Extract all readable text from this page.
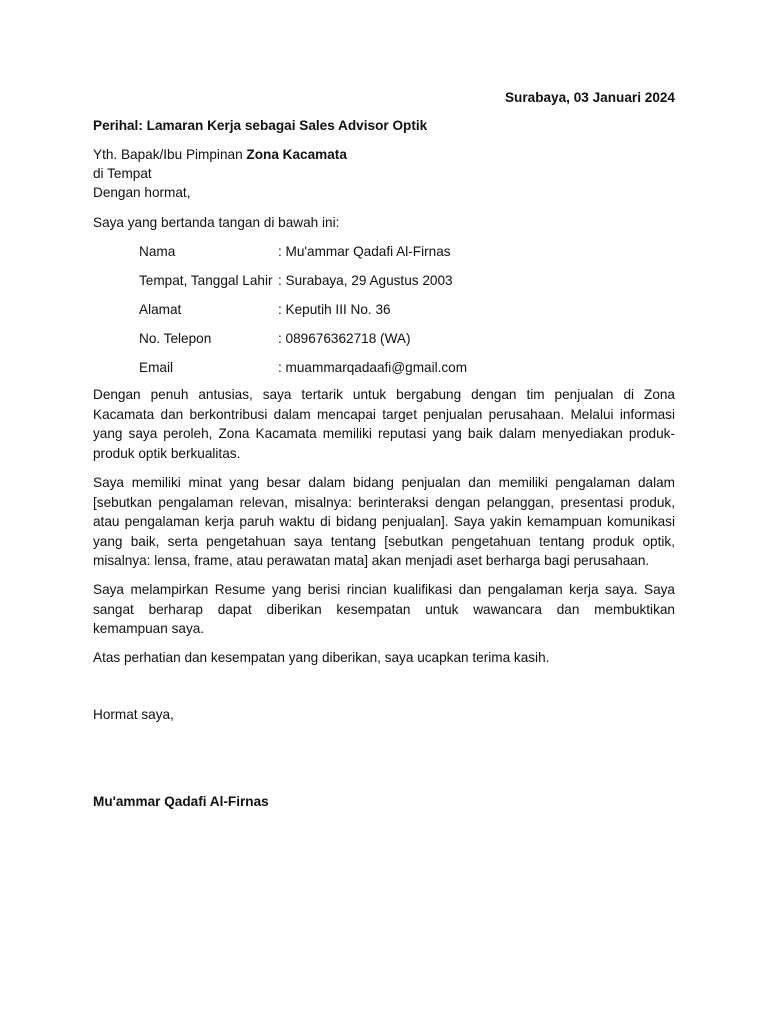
Surabaya, 03 Januari 2024
Perihal: Lamaran Kerja sebagai Sales Advisor Optik
Yth. Bapak/Ibu Pimpinan Zona Kacamata
di Tempat
Dengan hormat,
Saya yang bertanda tangan di bawah ini:
Nama	: Mu'ammar Qadafi Al-Firnas
Tempat, Tanggal Lahir : Surabaya, 29 Agustus 2003
Alamat	: Keputih III No. 36
No. Telepon	: 089676362718 (WA)
Email	: muammarqadaafi@gmail.com
Dengan penuh antusias, saya tertarik untuk bergabung dengan tim penjualan di Zona
Kacamata dan berkontribusi dalam mencapai target penjualan perusahaan. Melalui informasi
yang saya peroleh, Zona Kacamata memiliki reputasi yang baik dalam menyediakan produk-
produk optik berkualitas.
Saya memiliki minat yang besar dalam bidang penjualan dan memiliki pengalaman dalam
[sebutkan pengalaman relevan, misalnya: berinteraksi dengan pelanggan, presentasi produk,
atau pengalaman kerja paruh waktu di bidang penjualan]. Saya yakin kemampuan komunikasi
yang baik, serta pengetahuan saya tentang [sebutkan pengetahuan tentang produk optik,
misalnya: lensa, frame, atau perawatan mata] akan menjadi aset berharga bagi perusahaan.
Saya melampirkan Resume yang berisi rincian kualifikasi dan pengalaman kerja saya. Saya
sangat berharap dapat diberikan kesempatan untuk wawancara dan membuktikan
kemampuan saya.
Atas perhatian dan kesempatan yang diberikan, saya ucapkan terima kasih.
Hormat saya,
Mu'ammar Qadafi Al-Firnas
